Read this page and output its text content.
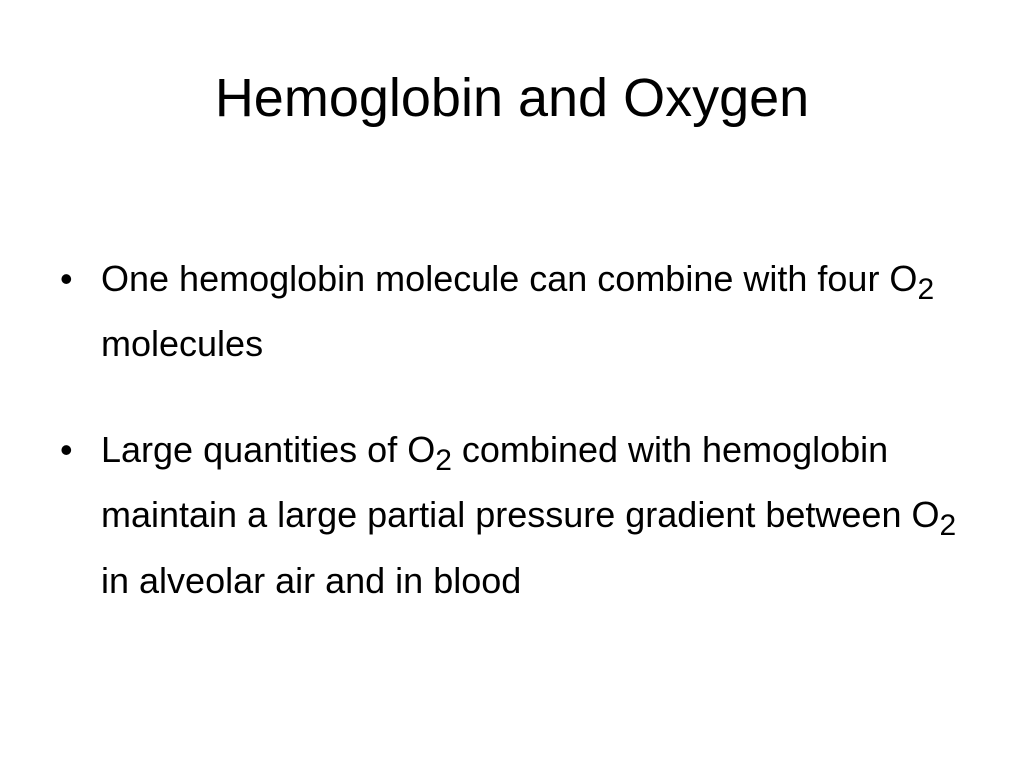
Hemoglobin and Oxygen
• One hemoglobin molecule can combine with four $O_2$ molecules
• Large quantities of $O_2$ combined with hemoglobin maintain a large partial pressure gradient between $O_2$ in alveolar air and in blood
